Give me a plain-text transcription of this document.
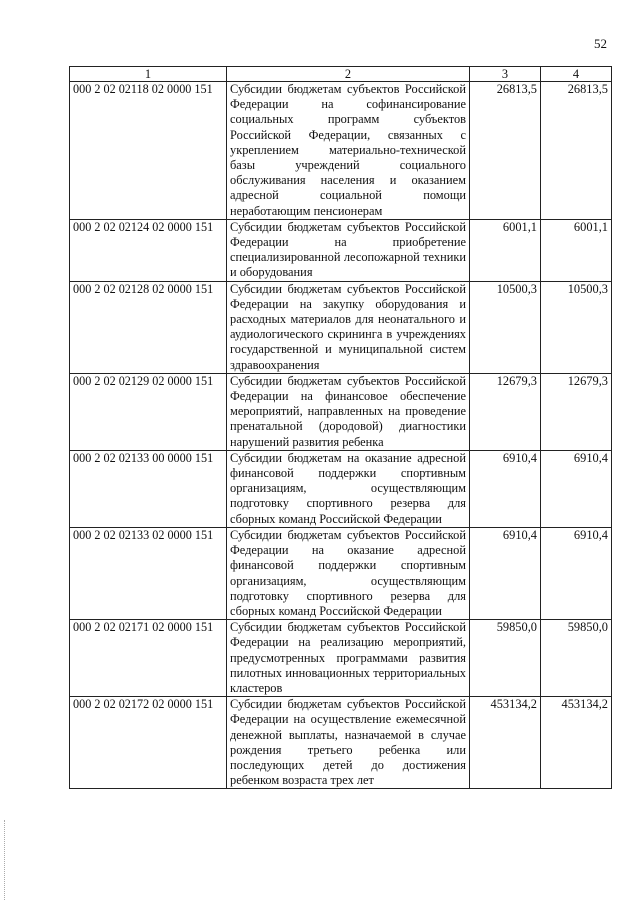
52
1	2	3	4
000 2 02 02118 02 0000 151	Субсидии бюджетам субъектов Российской Федерации на софинансирование социальных программ субъектов Российской Федерации, связанных с укреплением материально-технической базы учреждений социального обслуживания населения и оказанием адресной социальной помощи неработающим пенсионерам	26813,5	26813,5
000 2 02 02124 02 0000 151	Субсидии бюджетам субъектов Российской Федерации на приобретение специализированной лесопожарной техники и оборудования	6001,1	6001,1
000 2 02 02128 02 0000 151	Субсидии бюджетам субъектов Российской Федерации на закупку оборудования и расходных материалов для неонатального и аудиологического скрининга в учреждениях государственной и муниципальной систем здравоохранения	10500,3	10500,3
000 2 02 02129 02 0000 151	Субсидии бюджетам субъектов Российской Федерации на финансовое обеспечение мероприятий, направленных на проведение пренатальной (дородовой) диагностики нарушений развития ребенка	12679,3	12679,3
000 2 02 02133 00 0000 151	Субсидии бюджетам на оказание адресной финансовой поддержки спортивным организациям, осуществляющим подготовку спортивного резерва для сборных команд Российской Федерации	6910,4	6910,4
000 2 02 02133 02 0000 151	Субсидии бюджетам субъектов Российской Федерации на оказание адресной финансовой поддержки спортивным организациям, осуществляющим подготовку спортивного резерва для сборных команд Российской Федерации	6910,4	6910,4
000 2 02 02171 02 0000 151	Субсидии бюджетам субъектов Российской Федерации на реализацию мероприятий, предусмотренных программами развития пилотных инновационных территориальных кластеров	59850,0	59850,0
000 2 02 02172 02 0000 151	Субсидии бюджетам субъектов Российской Федерации на осуществление ежемесячной денежной выплаты, назначаемой в случае рождения третьего ребенка или последующих детей до достижения ребенком возраста трех лет	453134,2	453134,2
